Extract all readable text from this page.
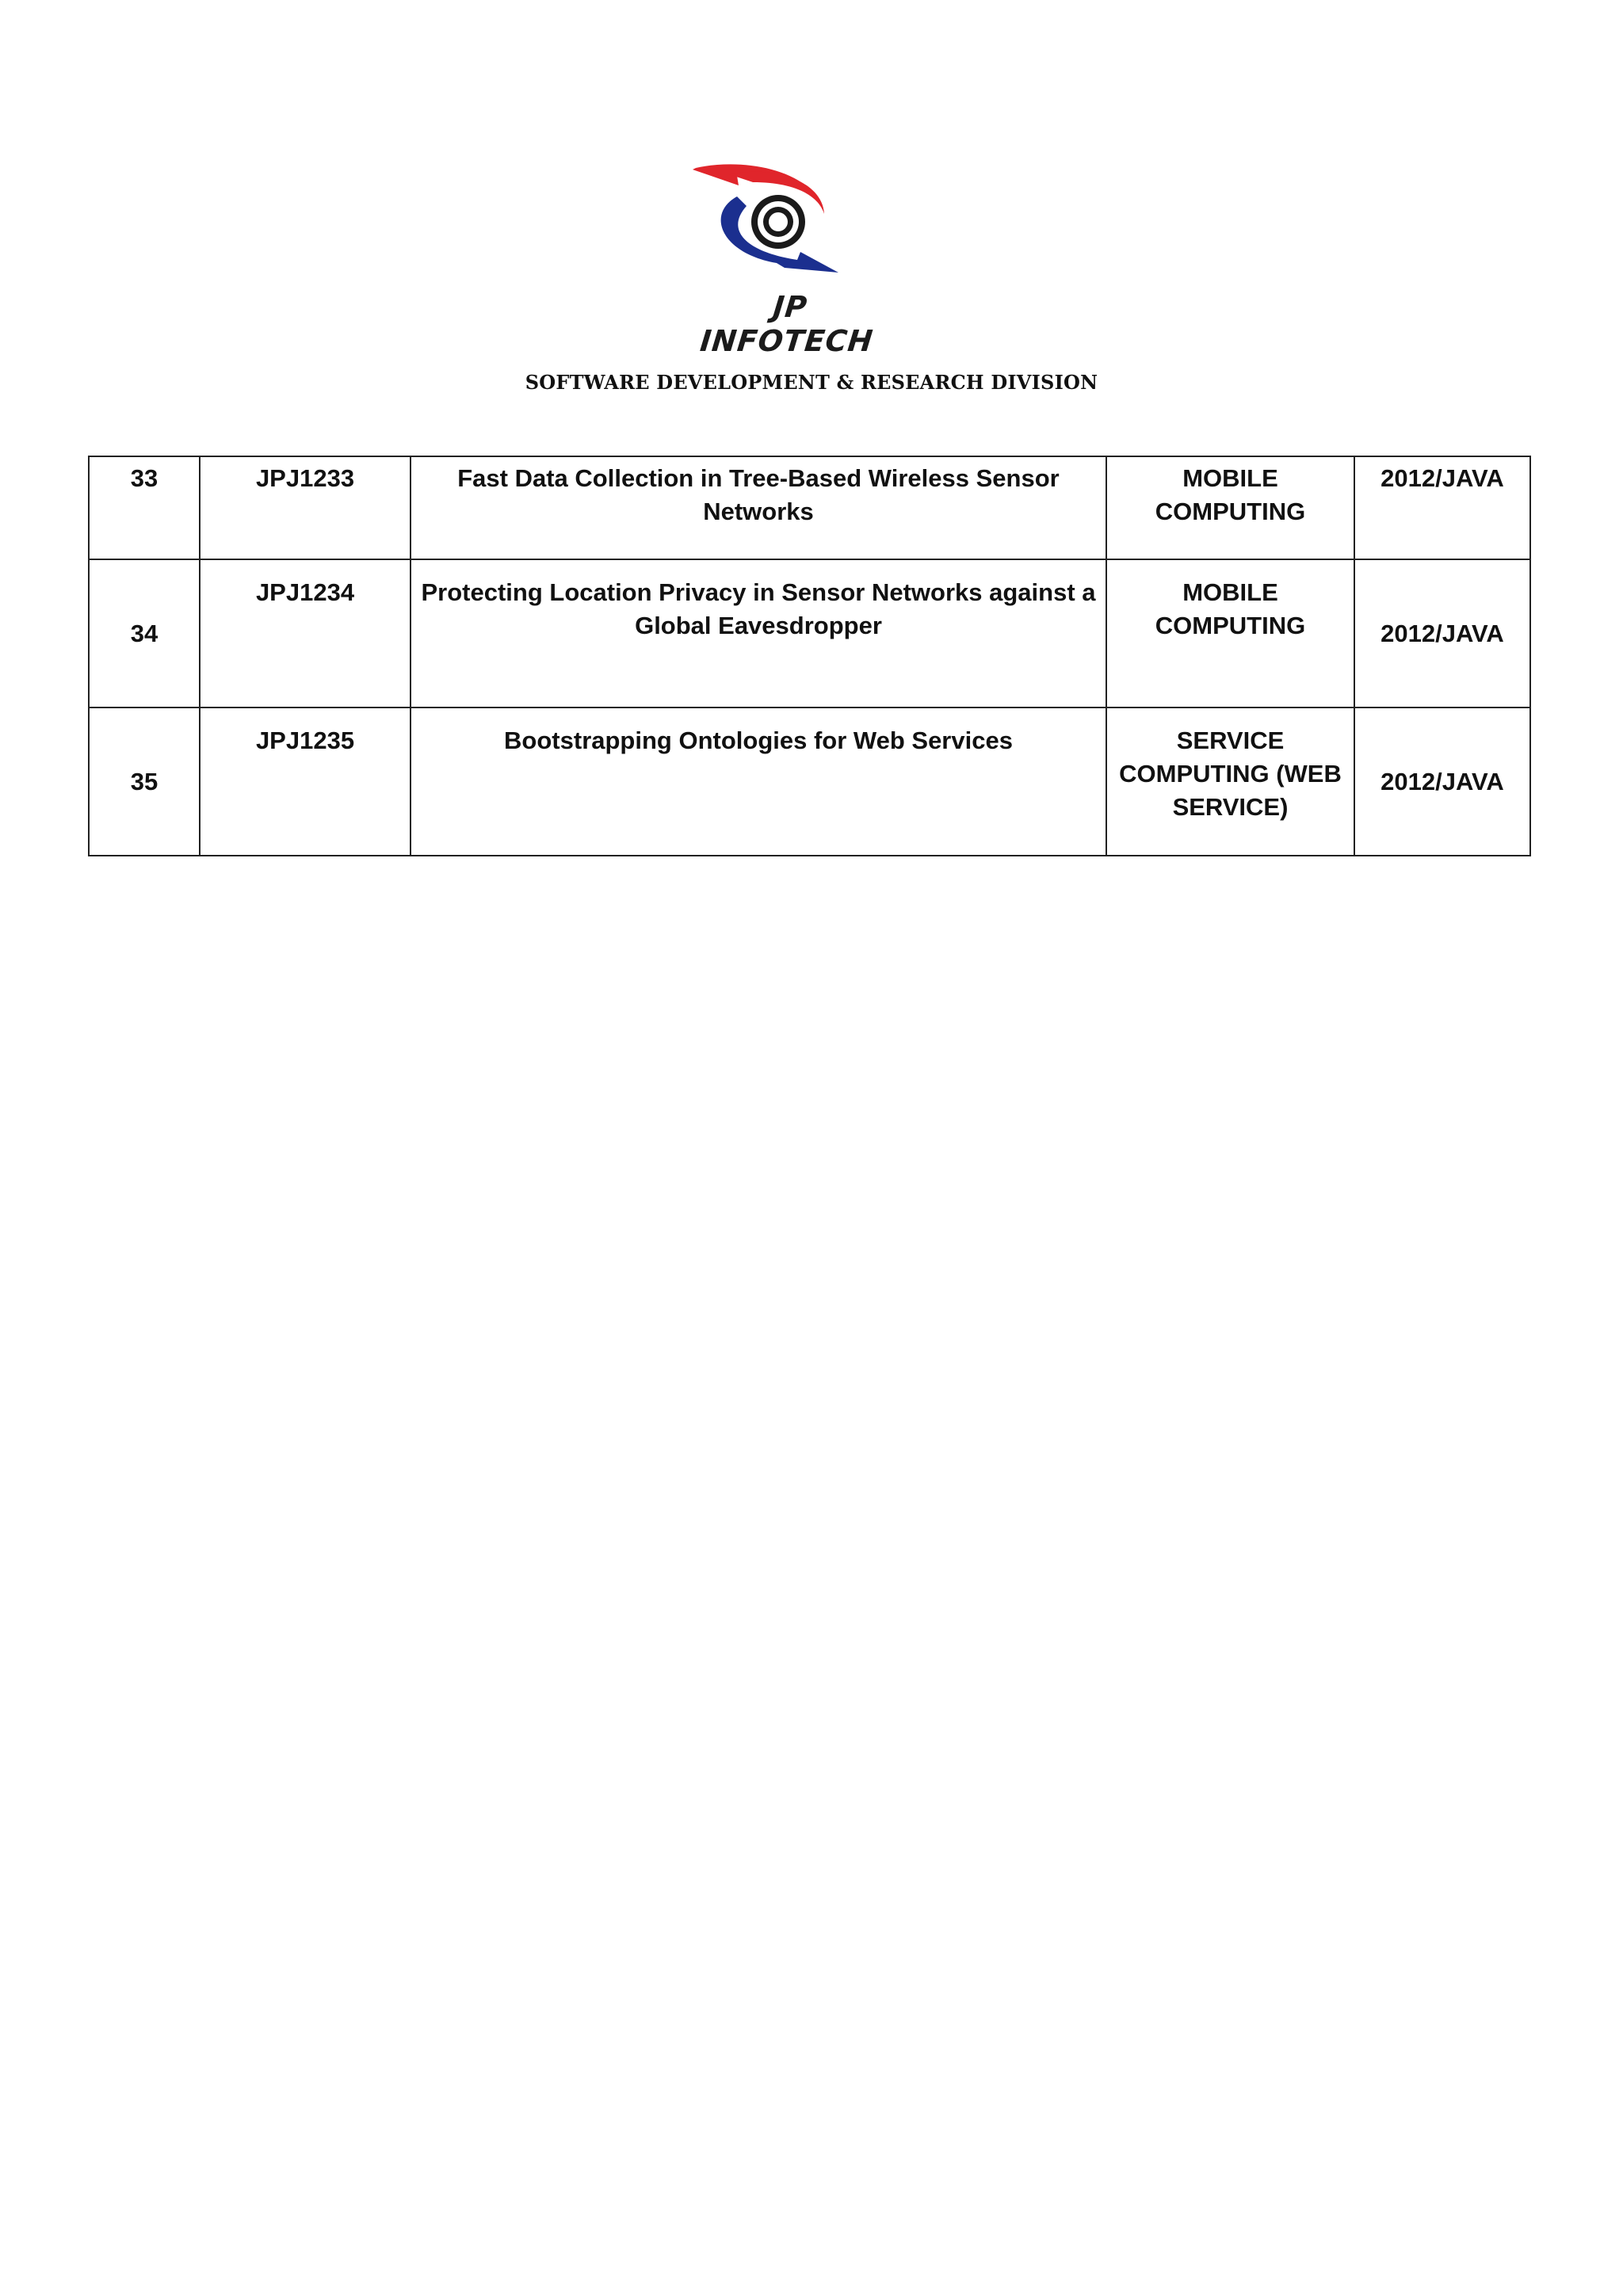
JP INFOTECH
SOFTWARE DEVELOPMENT & RESEARCH DIVISION
33	JPJ1233	Fast Data Collection in Tree-Based Wireless Sensor Networks	MOBILE COMPUTING	2012/JAVA
34	JPJ1234	Protecting Location Privacy in Sensor Networks against a Global Eavesdropper	MOBILE COMPUTING	2012/JAVA
35	JPJ1235	Bootstrapping Ontologies for Web Services	SERVICE COMPUTING (WEB SERVICE)	2012/JAVA
